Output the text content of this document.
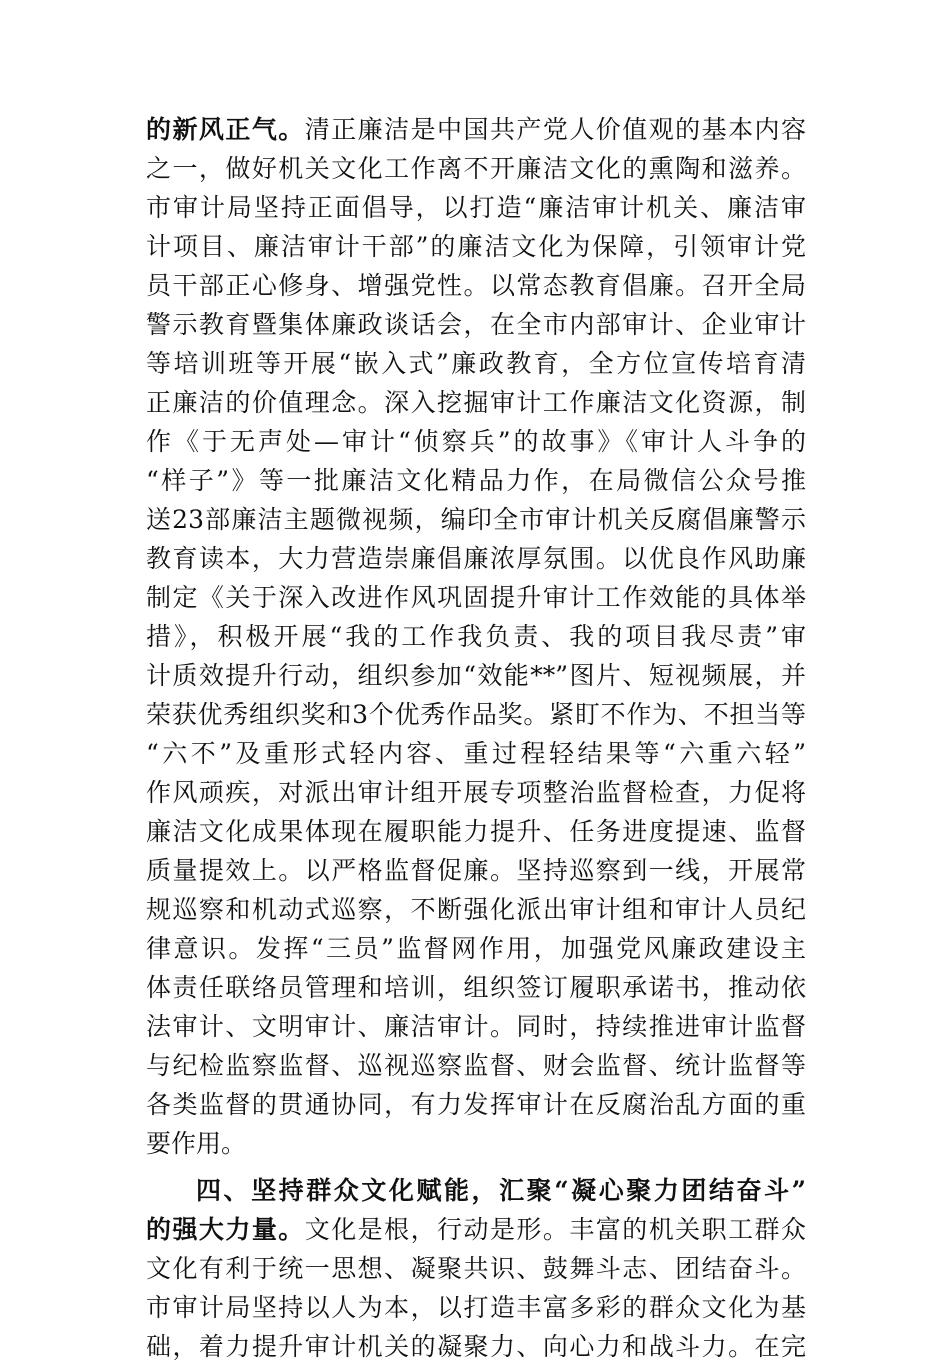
的新风正气。清正廉洁是中国共产党人价值观的基本内容
之一，做好机关文化工作离不开廉洁文化的熏陶和滋养。
市审计局坚持正面倡导，以打造“廉洁审计机关、廉洁审
计项目、廉洁审计干部”的廉洁文化为保障，引领审计党
员干部正心修身、增强党性。以常态教育倡廉。召开全局
警示教育暨集体廉政谈话会，在全市内部审计、企业审计
等培训班等开展“嵌入式”廉政教育，全方位宣传培育清
正廉洁的价值理念。深入挖掘审计工作廉洁文化资源，制
作《于无声处—审计“侦察兵”的故事》《审计人斗争的
“样子”》等一批廉洁文化精品力作，在局微信公众号推
送23部廉洁主题微视频，编印全市审计机关反腐倡廉警示
教育读本，大力营造崇廉倡廉浓厚氛围。以优良作风助廉
制定《关于深入改进作风巩固提升审计工作效能的具体举
措》，积极开展“我的工作我负责、我的项目我尽责”审
计质效提升行动，组织参加“效能**”图片、短视频展，并
荣获优秀组织奖和3个优秀作品奖。紧盯不作为、不担当等
“六不”及重形式轻内容、重过程轻结果等“六重六轻”
作风顽疾，对派出审计组开展专项整治监督检查，力促将
廉洁文化成果体现在履职能力提升、任务进度提速、监督
质量提效上。以严格监督促廉。坚持巡察到一线，开展常
规巡察和机动式巡察，不断强化派出审计组和审计人员纪
律意识。发挥“三员”监督网作用，加强党风廉政建设主
体责任联络员管理和培训，组织签订履职承诺书，推动依
法审计、文明审计、廉洁审计。同时，持续推进审计监督
与纪检监察监督、巡视巡察监督、财会监督、统计监督等
各类监督的贯通协同，有力发挥审计在反腐治乱方面的重
要作用。
四、坚持群众文化赋能，汇聚“凝心聚力团结奋斗”
的强大力量。文化是根，行动是形。丰富的机关职工群众
文化有利于统一思想、凝聚共识、鼓舞斗志、团结奋斗。
市审计局坚持以人为本，以打造丰富多彩的群众文化为基
础，着力提升审计机关的凝聚力、向心力和战斗力。在完
